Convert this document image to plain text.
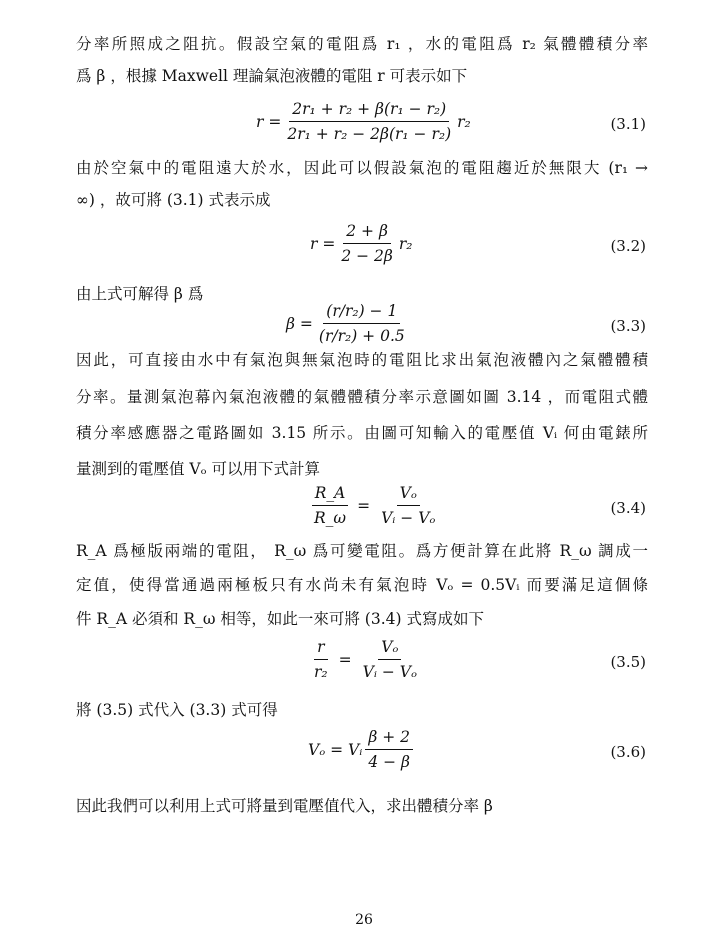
分率所照成之阻抗。假設空氣的電阻爲 r₁ ，水的電阻爲 r₂ 氣體體積分率
爲 β ，根據 Maxwell 理論氣泡液體的電阻 r 可表示如下
$r = \frac{\text{2r₁ + r₂ + β(r₁ − r₂)}}{\text{2r₁ + r₂ − 2β(r₁ − r₂)}} r_2$	(3.1)
由於空氣中的電阻遠大於水，因此可以假設氣泡的電阻趨近於無限大 (r₁ →
∞) ，故可將 (3.1) 式表示成
$r = \frac{2 + \beta}{2 - 2\beta} r_2$	(3.2)
由上式可解得 β 爲
$\beta = \frac{\text{(r/r₂) − 1}}{\text{(r/r₂) + 0.5}}$	(3.3)
因此，可直接由水中有氣泡與無氣泡時的電阻比求出氣泡液體內之氣體體積
分率。量測氣泡幕內氣泡液體的氣體體積分率示意圖如圖 3.14 ，而電阻式體
積分率感應器之電路圖如 3.15 所示。由圖可知輸入的電壓值 Vᵢ 何由電錶所
量測到的電壓值 Vₒ 可以用下式計算
$\frac{R\_A}{R\_\omega} = \frac{\text{Vₒ}}{\text{Vᵢ − Vₒ}}$	(3.4)
R_A 爲極版兩端的電阻， R_ω 爲可變電阻。爲方便計算在此將 R_ω 調成一
定值，使得當通過兩極板只有水尚未有氣泡時 Vₒ = 0.5Vᵢ 而要滿足這個條
件 R_A 必須和 R_ω 相等，如此一來可將 (3.4) 式寫成如下
$\frac{r}{\text{r₂}} = \frac{\text{Vₒ}}{\text{Vᵢ − Vₒ}}$	(3.5)
將 (3.5) 式代入 (3.3) 式可得
Vₒ = Vᵢ $\frac{\beta + 2}{4 - \beta}$	(3.6)
因此我們可以利用上式可將量到電壓值代入，求出體積分率 β
26
